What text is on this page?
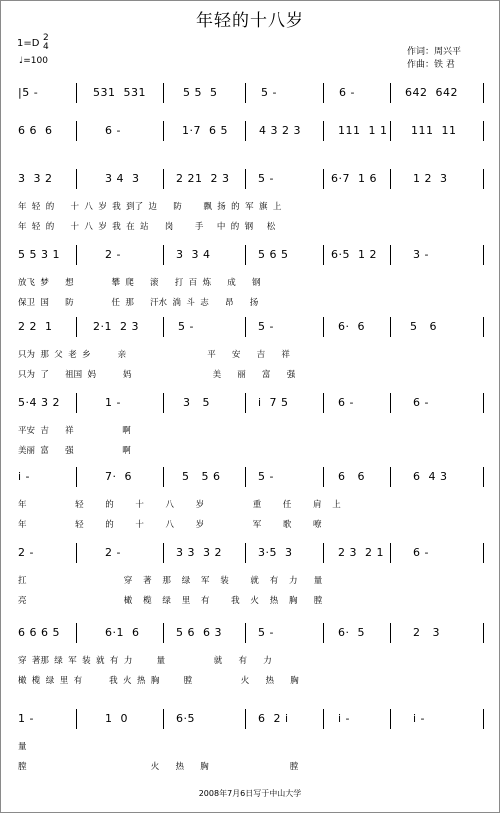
年轻的十八岁
1=D 2
4
♩=100
作词：周兴平
作曲：铁 君
|5 -	531  531	5 5  5	5 -	6 -	642  642
6 6  6	6 -	1·7  6 5	4 3 2 3	111  1 1 111  11
3  3 2	3 4  3	2 21  2 3	5 -	6·7  1 6	1 2  3
年  轻  的      十  八  岁  我  到了  边      防        飘  扬  的  军  旗  上
年  轻  的      十  八  岁  我  在  站      岗        手     中  的  钢     松
5 5 3 1	2 -	3  3 4	5 6 5	6·5  1 2	3 -
放飞  梦      想              攀  爬      滚      打  百  炼      成      钢
保卫  国      防              任  那      汗水  淌  斗  志      昂      扬
2 2  1	2·1  2 3	5 -	5 -	6·  6	5   6
只为  那  父  老  乡          亲                              平      安      吉      祥
只为  了      祖国  妈          妈                              美      丽      富      强
5·4 3 2	1 -	3   5	i  7 5	6 -	6 -
平安  吉      祥                  啊
美丽  富      强                  啊
i -	7·  6	5   5 6	5 -	6   6	6  4 3
年                  轻        的        十        八        岁                  重        任        肩    上
年                  轻        的        十        八        岁                  军        歌        嘹
2 -	2 -	3 3  3 2	3·5  3	2 3  2 1	6 -
扛                                    穿    著    那    绿    军    装        就    有    力      量
亮                                    橄    榄    绿    里    有        我    火    热    胸      膛
6 6 6 5	6·1  6	5 6  6 3	5 -	6·  5	2   3
穿  著那  绿  军  装  就  有  力         量                  就      有      力
橄  榄  绿  里  有          我  火  热  胸         膛                  火      热      胸
1 -	1  0	6·5	6  2 i	i -	i -
量
膛                                              火      热      胸                              膛
2008年7月6日写于中山大学
